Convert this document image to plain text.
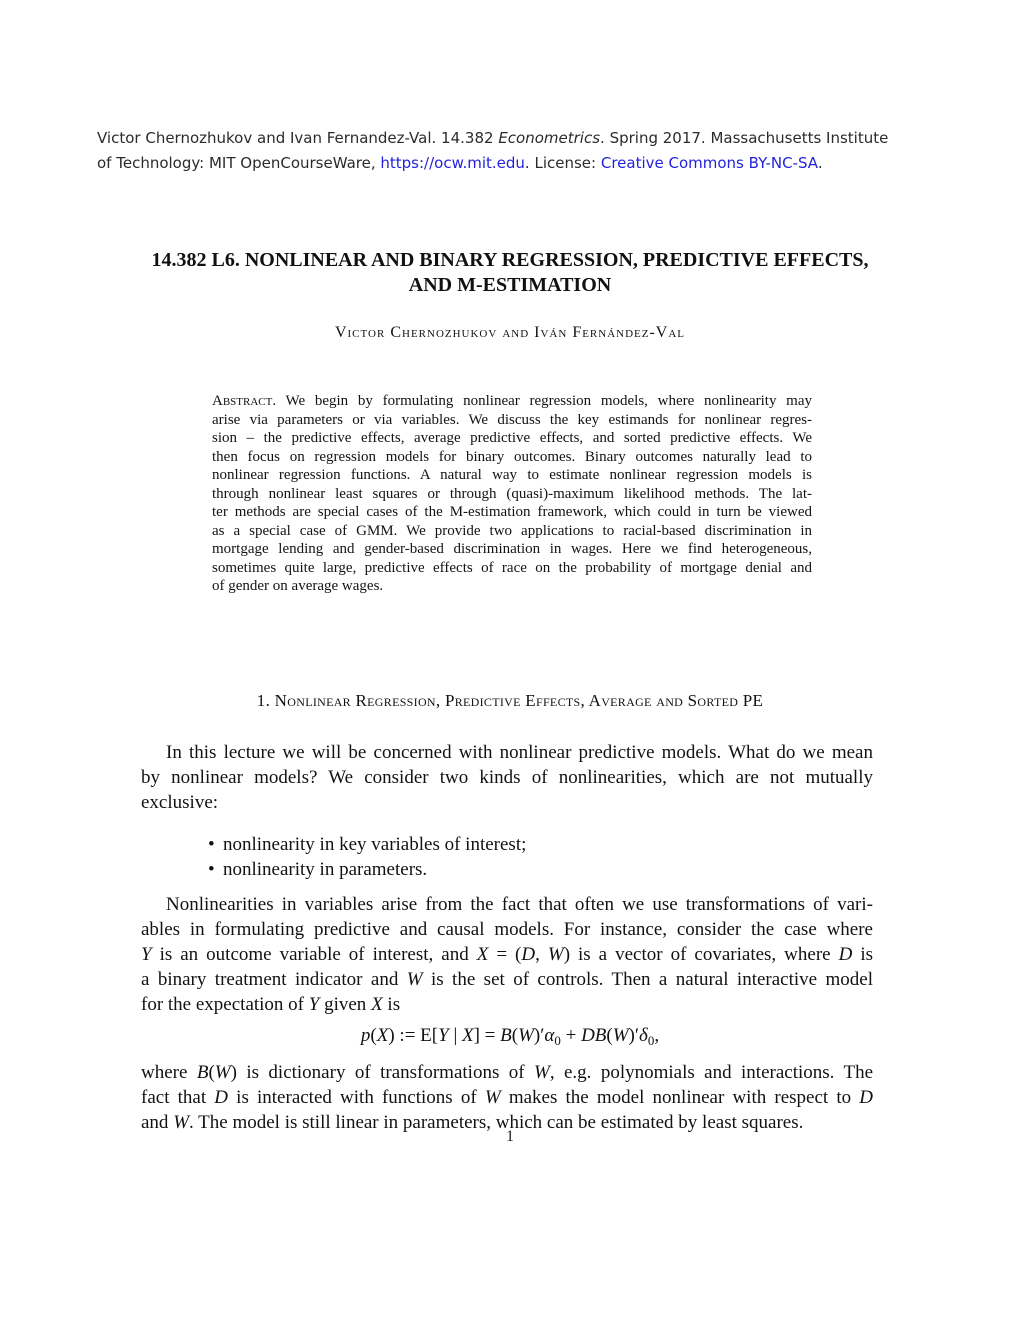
Victor Chernozhukov and Ivan Fernandez-Val. 14.382 Econometrics. Spring 2017. Massachusetts Institute
of Technology: MIT OpenCourseWare, https://ocw.mit.edu. License: Creative Commons BY-NC-SA.
14.382 L6. NONLINEAR AND BINARY REGRESSION, PREDICTIVE EFFECTS,
AND M-ESTIMATION
Victor Chernozhukov and Iván Fernández-Val
Abstract. We begin by formulating nonlinear regression models, where nonlinearity may
arise via parameters or via variables. We discuss the key estimands for nonlinear regres-
sion – the predictive effects, average predictive effects, and sorted predictive effects. We
then focus on regression models for binary outcomes. Binary outcomes naturally lead to
nonlinear regression functions. A natural way to estimate nonlinear regression models is
through nonlinear least squares or through (quasi)-maximum likelihood methods. The lat-
ter methods are special cases of the M-estimation framework, which could in turn be viewed
as a special case of GMM. We provide two applications to racial-based discrimination in
mortgage lending and gender-based discrimination in wages. Here we find heterogeneous,
sometimes quite large, predictive effects of race on the probability of mortgage denial and
of gender on average wages.
1. Nonlinear Regression, Predictive Effects, Average and Sorted PE
In this lecture we will be concerned with nonlinear predictive models. What do we mean
by nonlinear models? We consider two kinds of nonlinearities, which are not mutually
exclusive:
• nonlinearity in key variables of interest;
• nonlinearity in parameters.
Nonlinearities in variables arise from the fact that often we use transformations of vari-
ables in formulating predictive and causal models. For instance, consider the case where
Y is an outcome variable of interest, and X = (D, W) is a vector of covariates, where D is
a binary treatment indicator and W is the set of controls. Then a natural interactive model
for the expectation of Y given X is
p(X) := E[Y | X] = B(W)′α0 + DB(W)′δ0,
where B(W) is dictionary of transformations of W, e.g. polynomials and interactions. The
fact that D is interacted with functions of W makes the model nonlinear with respect to D
and W. The model is still linear in parameters, which can be estimated by least squares.
1
